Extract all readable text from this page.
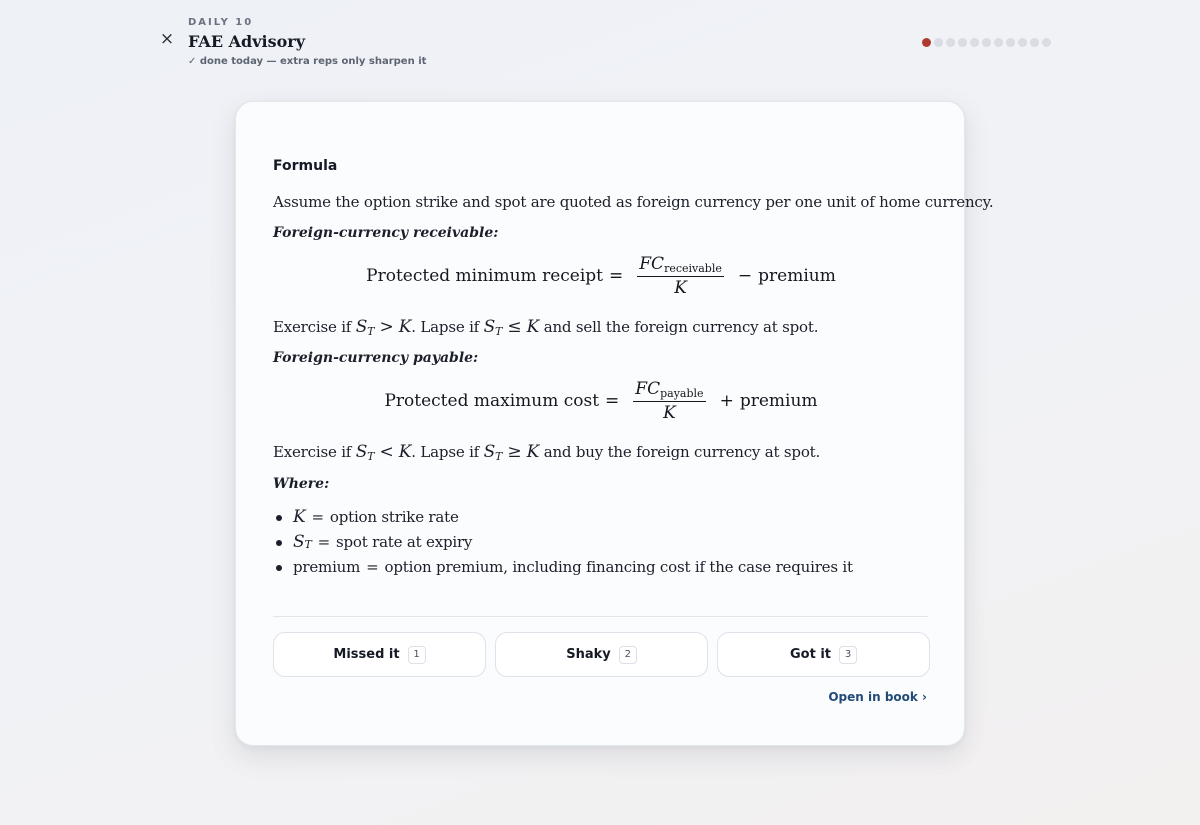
×
DAILY 10
FAE Advisory
✓ done today — extra reps only sharpen it
Formula
Assume the option strike and spot are quoted as foreign currency per one unit of home currency.
Foreign-currency receivable:
Protected minimum receipt = $\frac{\text{FCreceivable}}{K}$ − premium
Exercise if $S_T > K$. Lapse if $S_T \le K$ and sell the foreign currency at spot.
Foreign-currency payable:
Protected maximum $\cos t = \frac{\text{FCpayable}}{K}$ + premium
Exercise if $S_T < K$. Lapse if $S_T \ge K$ and buy the foreign currency at spot.
Where:
K = option strike rate
S T = spot rate at expiry
premium = option premium, including financing cost if the case requires it
Missed it	1	Shaky	2	Got it	3
Open in book ›
